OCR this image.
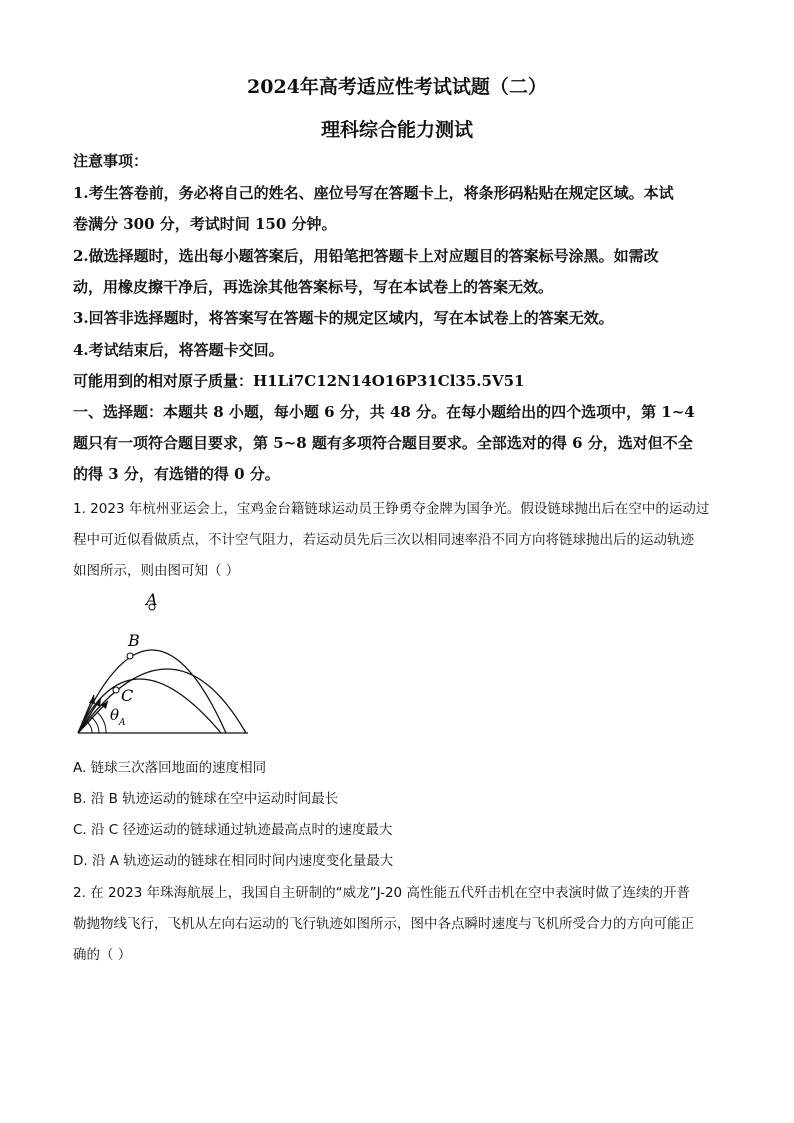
2024年高考适应性考试试题（二）
理科综合能力测试
注意事项：
1.考生答卷前，务必将自己的姓名、座位号写在答题卡上，将条形码粘贴在规定区域。本试
卷满分 300 分，考试时间 150 分钟。
2.做选择题时，选出每小题答案后，用铅笔把答题卡上对应题目的答案标号涂黑。如需改
动，用橡皮擦干净后，再选涂其他答案标号，写在本试卷上的答案无效。
3.回答非选择题时，将答案写在答题卡的规定区域内，写在本试卷上的答案无效。
4.考试结束后，将答题卡交回。
可能用到的相对原子质量：H1Li7C12N14O16P31Cl35.5V51
一、选择题：本题共 8 小题，每小题 6 分，共 48 分。在每小题给出的四个选项中，第 1~4
题只有一项符合题目要求，第 5~8 题有多项符合题目要求。全部选对的得 6 分，选对但不全
的得 3 分，有选错的得 0 分。
1. 2023 年杭州亚运会上，宝鸡金台籍链球运动员王铮勇夺金牌为国争光。假设链球抛出后在空中的运动过
程中可近似看做质点，不计空气阻力，若运动员先后三次以相同速率沿不同方向将链球抛出后的运动轨迹
如图所示，则由图可知（ ）
A
B
C
θ A
A. 链球三次落回地面的速度相同
B. 沿 B 轨迹运动的链球在空中运动时间最长
C. 沿 C 径迹运动的链球通过轨迹最高点时的速度最大
D. 沿 A 轨迹运动的链球在相同时间内速度变化量最大
2. 在 2023 年珠海航展上，我国自主研制的“威龙”J-20 高性能五代歼击机在空中表演时做了连续的开普
勒抛物线飞行，飞机从左向右运动的飞行轨迹如图所示，图中各点瞬时速度与飞机所受合力的方向可能正
确的（ ）
